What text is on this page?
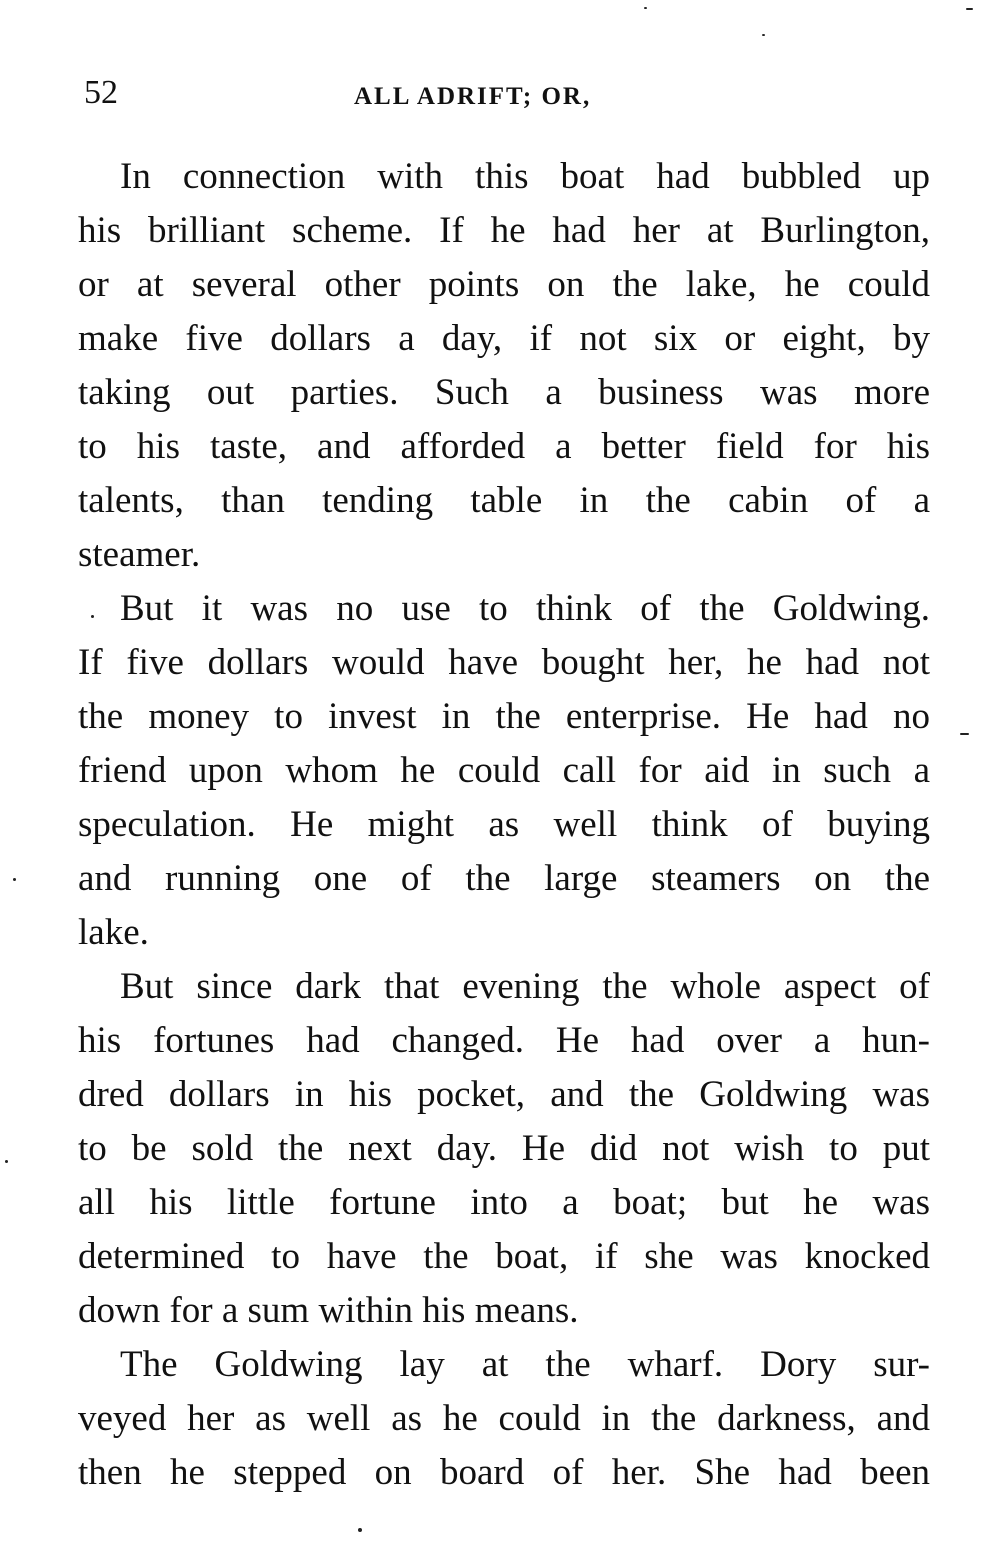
52	ALL ADRIFT; OR,
In connection with this boat had bubbled up
his brilliant scheme. If he had her at Burlington,
or at several other points on the lake, he could
make five dollars a day, if not six or eight, by
taking out parties. Such a business was more
to his taste, and afforded a better field for his
talents, than tending table in the cabin of a
steamer.
But it was no use to think of the Goldwing.
If five dollars would have bought her, he had not
the money to invest in the enterprise. He had no
friend upon whom he could call for aid in such a
speculation. He might as well think of buying
and running one of the large steamers on the
lake.
But since dark that evening the whole aspect of
his fortunes had changed. He had over a hun-
dred dollars in his pocket, and the Goldwing was
to be sold the next day. He did not wish to put
all his little fortune into a boat; but he was
determined to have the boat, if she was knocked
down for a sum within his means.
The Goldwing lay at the wharf. Dory sur-
veyed her as well as he could in the darkness, and
then he stepped on board of her. She had been
